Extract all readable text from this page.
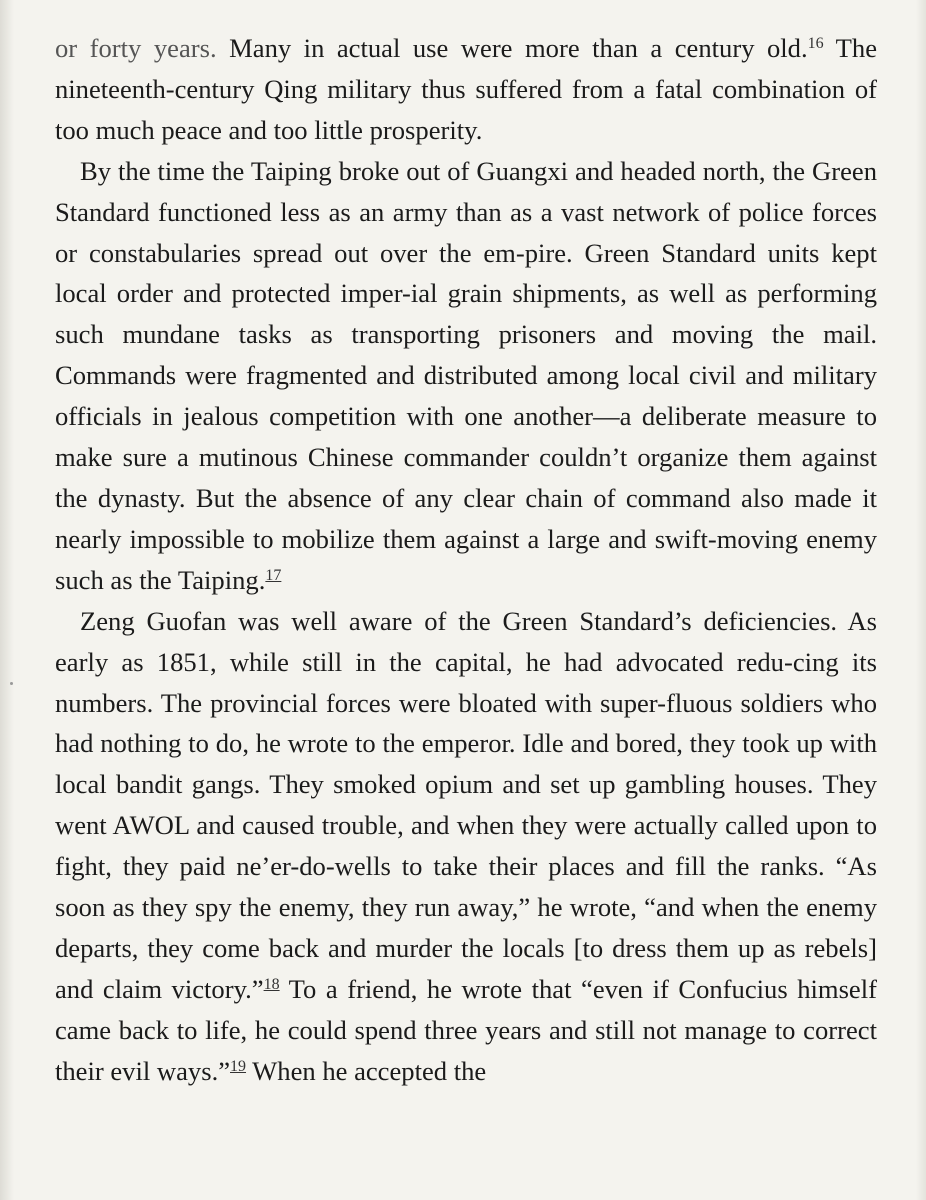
or forty years. Many in actual use were more than a century old.$^{16}$ The nineteenth-century Qing military thus suffered from a fatal combination of too much peace and too little prosperity.

By the time the Taiping broke out of Guangxi and headed north, the Green Standard functioned less as an army than as a vast network of police forces or constabularies spread out over the em-pire. Green Standard units kept local order and protected imper-ial grain shipments, as well as performing such mundane tasks as transporting prisoners and moving the mail. Commands were fragmented and distributed among local civil and military officials in jealous competition with one another—a deliberate measure to make sure a mutinous Chinese commander couldn’t organize them against the dynasty. But the absence of any clear chain of command also made it nearly impossible to mobilize them against a large and swift-moving enemy such as the Taiping.$^{17}$

Zeng Guofan was well aware of the Green Standard’s deficiencies. As early as 1851, while still in the capital, he had advocated redu-cing its numbers. The provincial forces were bloated with super-fluous soldiers who had nothing to do, he wrote to the emperor. Idle and bored, they took up with local bandit gangs. They smoked opium and set up gambling houses. They went AWOL and caused trouble, and when they were actually called upon to fight, they paid ne’er-do-wells to take their places and fill the ranks. “As soon as they spy the enemy, they run away,” he wrote, “and when the enemy departs, they come back and murder the locals [to dress them up as rebels] and claim victory.”$^{18}$ To a friend, he wrote that “even if Confucius himself came back to life, he could spend three years and still not manage to correct their evil ways.”$^{19}$ When he accepted the
